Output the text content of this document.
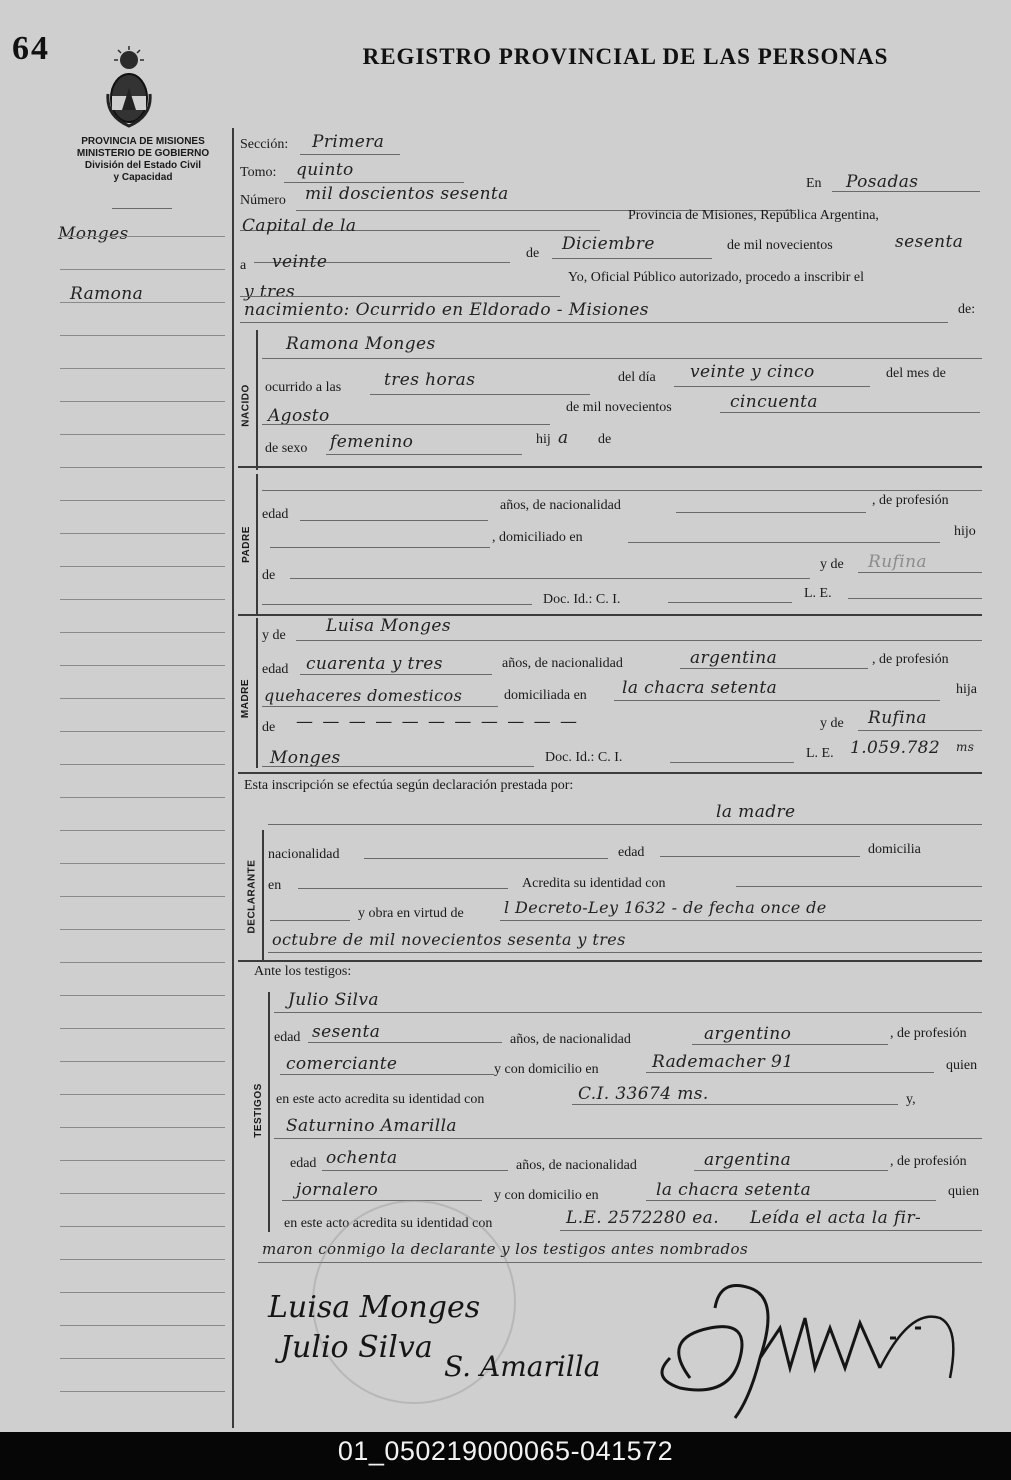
64	REGISTRO PROVINCIAL DE LAS PERSONAS
PROVINCIA DE MISIONES
MINISTERIO DE GOBIERNO
División del Estado Civil
y Capacidad
Monges
Ramona
Sección: Primera
Tomo: quinto
Número mil doscientos sesenta
En Posadas
Capital de la
Provincia de Misiones, República Argentina,
a veinte	de Diciembre	de mil novecientos	sesenta
y tres
Yo, Oficial Público autorizado, procedo a inscribir el
nacimiento: Ocurrido en Eldorado - Misiones	de:
NACIDO
Ramona Monges
ocurrido a las	tres horas	del día veinte y cinco	del mes de
Agosto	de mil novecientos	cincuenta
de sexo femenino	hij a de
PADRE
edad
años, de nacionalidad	, de profesión
, domiciliado en	hijo
de
y de Rufina
Doc. Id.: C. I.	L. E.
MADRE
y de Luisa Monges
edad cuarenta y tres	años, de nacionalidad	argentina	, de profesión
quehaceres domesticos	domiciliada en la chacra setenta	hija
de — — — — — — — — — — —	y de Rufina
Monges	Doc. Id.: C. I.	L. E. 1.059.782 ms
Esta inscripción se efectúa según declaración prestada por:
DECLARANTE
la madre
nacionalidad	edad	domicilia
en	Acredita su identidad con
y obra en virtud de	l Decreto-Ley 1632 - de fecha once de
octubre de mil novecientos sesenta y tres
Ante los testigos:
TESTIGOS
Julio Silva
edad sesenta	años, de nacionalidad	argentino	, de profesión
comerciante	y con domicilio en	Rademacher 91	quien
en este acto acredita su identidad con	C.I. 33674 ms.	y,
Saturnino Amarilla
edad ochenta	años, de nacionalidad	argentina	, de profesión
jornalero	y con domicilio en	la chacra setenta	quien
en este acto acredita su identidad con	L.E. 2572280 ea. Leída el acta la fir-
maron conmigo la declarante y los testigos antes nombrados
Luisa Monges
Julio Silva
S. Amarilla
01_050219000065-041572
